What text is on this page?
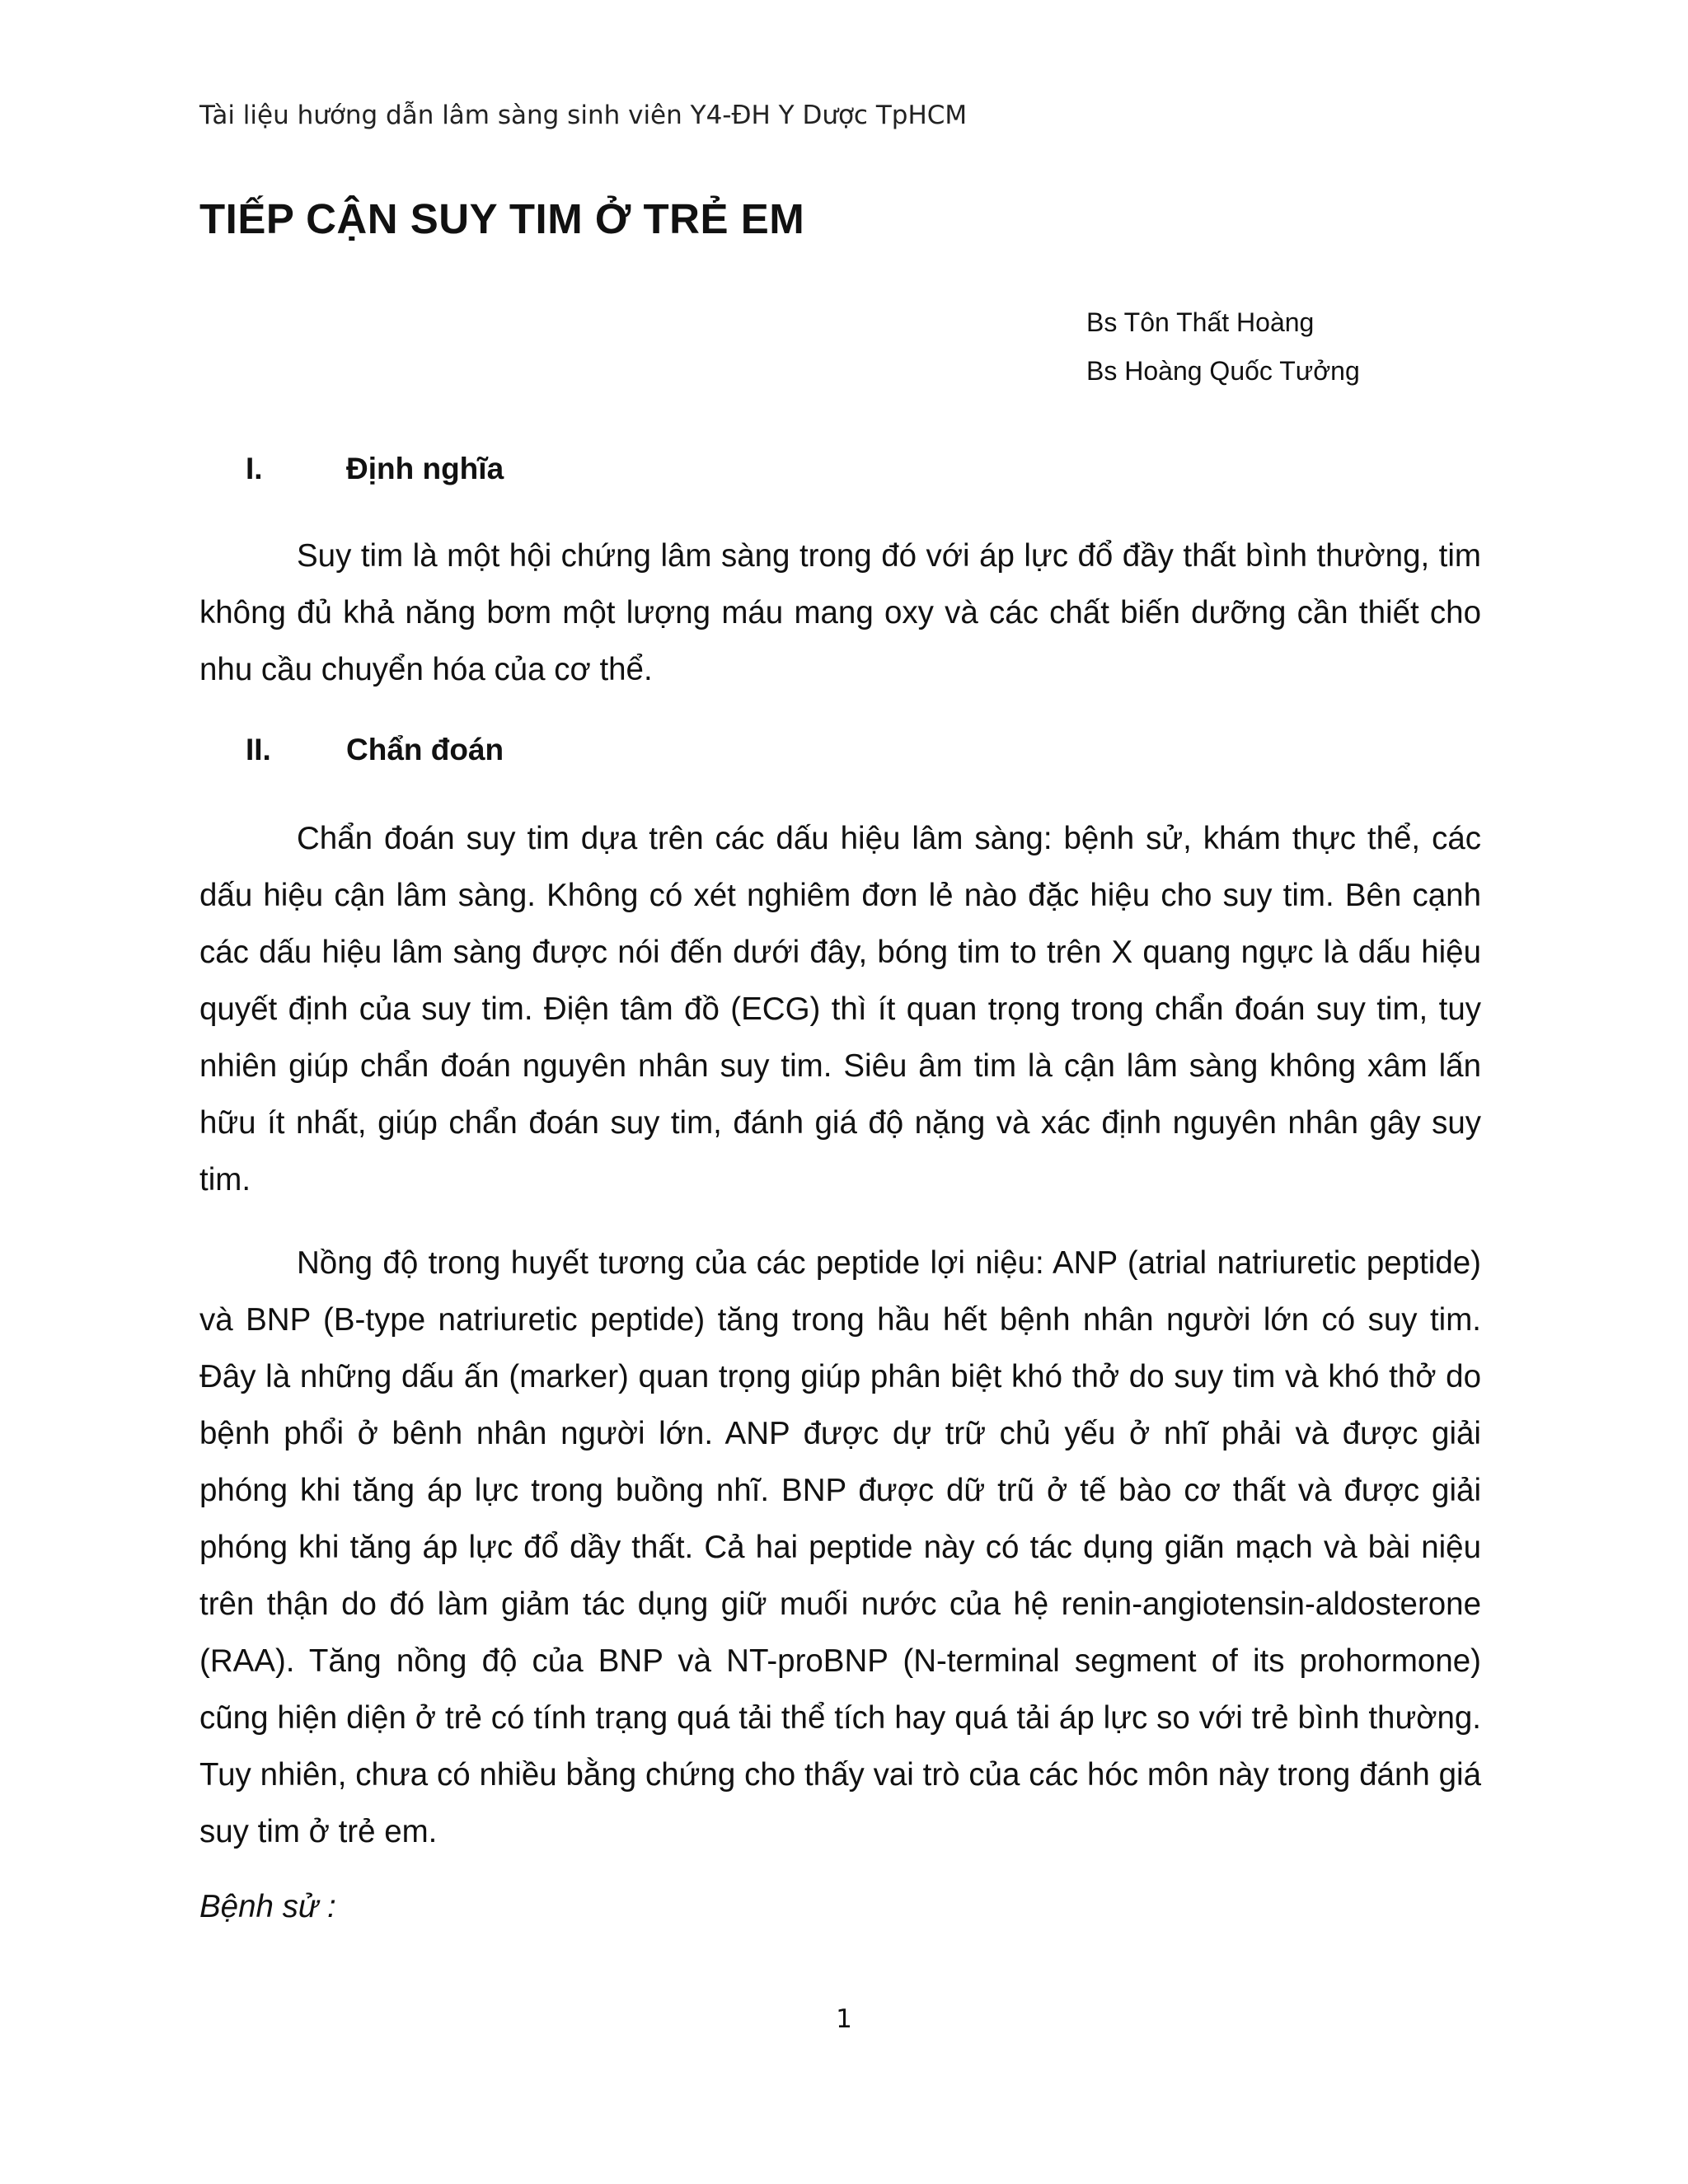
Tài liệu hướng dẫn lâm sàng sinh viên Y4-ĐH Y Dược TpHCM
TIẾP CẬN SUY TIM Ở TRẺ EM
Bs Tôn Thất Hoàng
Bs Hoàng Quốc Tưởng
I.	Định nghĩa

Suy tim là một hội chứng lâm sàng trong đó với áp lực đổ đầy thất bình thường, tim không đủ khả năng bơm một lượng máu mang oxy và các chất biến dưỡng cần thiết cho nhu cầu chuyển hóa của cơ thể.

II. Chẩn đoán

Chẩn đoán suy tim dựa trên các dấu hiệu lâm sàng: bệnh sử, khám thực thể, các dấu hiệu cận lâm sàng. Không có xét nghiêm đơn lẻ nào đặc hiệu cho suy tim. Bên cạnh các dấu hiệu lâm sàng được nói đến dưới đây, bóng tim to trên X quang ngực là dấu hiệu quyết định của suy tim. Điện tâm đồ (ECG) thì ít quan trọng trong chẩn đoán suy tim, tuy nhiên giúp chẩn đoán nguyên nhân suy tim. Siêu âm tim là cận lâm sàng không xâm lấn hữu ít nhất, giúp chẩn đoán suy tim, đánh giá độ nặng và xác định nguyên nhân gây suy tim.

Nồng độ trong huyết tương của các peptide lợi niệu: ANP (atrial natriuretic peptide) và BNP (B-type natriuretic peptide) tăng trong hầu hết bệnh nhân người lớn có suy tim. Đây là những dấu ấn (marker) quan trọng giúp phân biệt khó thở do suy tim và khó thở do bệnh phổi ở bênh nhân người lớn. ANP được dự trữ chủ yếu ở nhĩ phải và được giải phóng khi tăng áp lực trong buồng nhĩ. BNP được dữ trũ ở tế bào cơ thất và được giải phóng khi tăng áp lực đổ dầy thất. Cả hai peptide này có tác dụng giãn mạch và bài niệu trên thận do đó làm giảm tác dụng giữ muối nước của hệ renin-angiotensin-aldosterone (RAA). Tăng nồng độ của BNP và NT-proBNP (N-terminal segment of its prohormone) cũng hiện diện ở trẻ có tính trạng quá tải thể tích hay quá tải áp lực so với trẻ bình thường. Tuy nhiên, chưa có nhiều bằng chứng cho thấy vai trò của các hóc môn này trong đánh giá suy tim ở trẻ em.

Bệnh sử :

1
